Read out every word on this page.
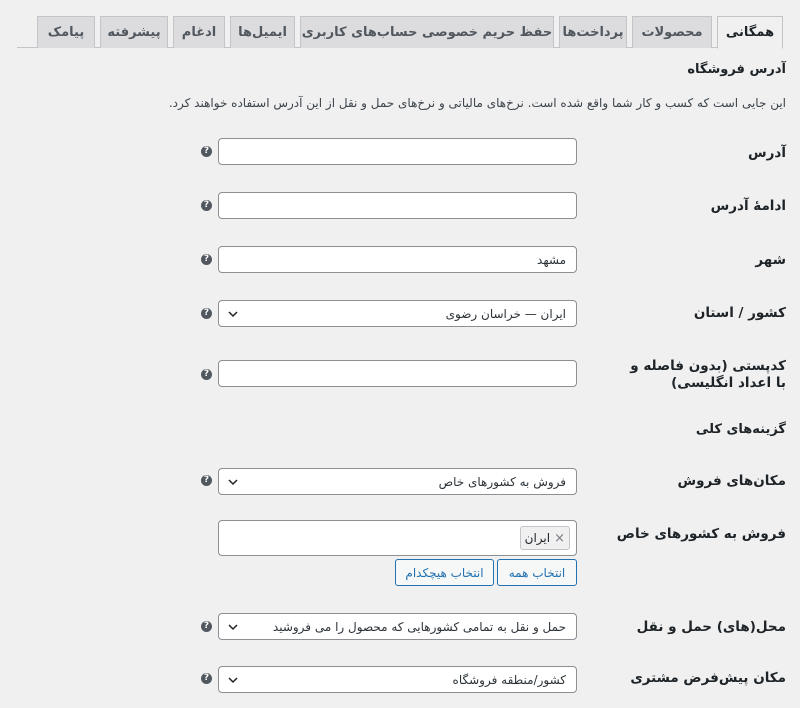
همگانی
محصولات
پرداخت‌ها
حفظ حریم خصوصی حساب‌های کاربری
ایمیل‌ها
ادغام
پیشرفته
پیامک
آدرس فروشگاه
این جایی است که کسب و کار شما واقع شده است. نرخ‌های مالیاتی و نرخ‌های حمل و نقل از این آدرس استفاده خواهند کرد.
آدرس
?
ادامهٔ آدرس
?
شهر
?	مشهد
کشور / استان
?	ایران — خراسان رضوی
کدپستی (بدون فاصله و با اعداد انگلیسی)
?
گزینه‌های کلی
مکان‌های فروش
?	فروش به کشورهای خاص
فروش به کشورهای خاص
×
ایران
انتخاب همه
انتخاب هیچکدام
محل(های) حمل و نقل
?	حمل و نقل به تمامی کشورهایی که محصول را می فروشید
مکان پیش‌فرض مشتری
?	کشور/منطقه فروشگاه
